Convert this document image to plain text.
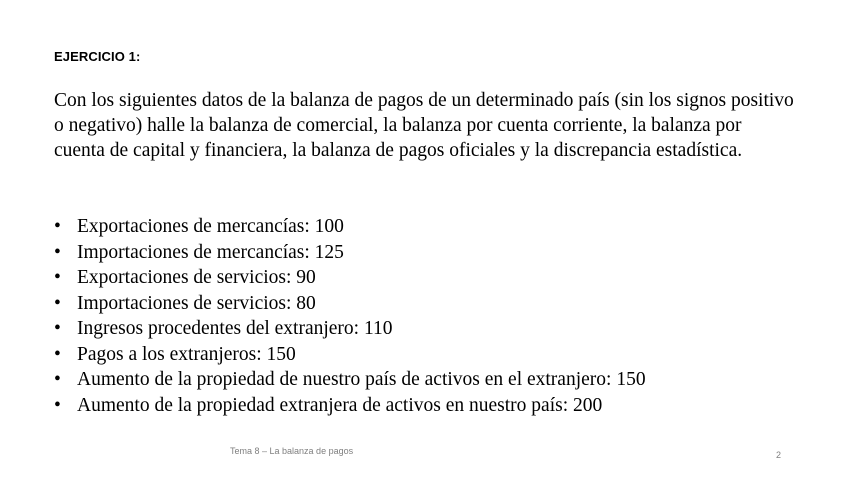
EJERCICIO 1:

Con los siguientes datos de la balanza de pagos de un determinado país (sin los signos positivo o negativo) halle la balanza de comercial, la balanza por cuenta corriente, la balanza por cuenta de capital y financiera, la balanza de pagos oficiales y la discrepancia estadística.

• Exportaciones de mercancías: 100
• Importaciones de mercancías: 125
• Exportaciones de servicios: 90
• Importaciones de servicios: 80
• Ingresos procedentes del extranjero: 110
• Pagos a los extranjeros: 150
• Aumento de la propiedad de nuestro país de activos en el extranjero: 150
• Aumento de la propiedad extranjera de activos en nuestro país: 200
Tema 8 – La balanza de pagos	2
